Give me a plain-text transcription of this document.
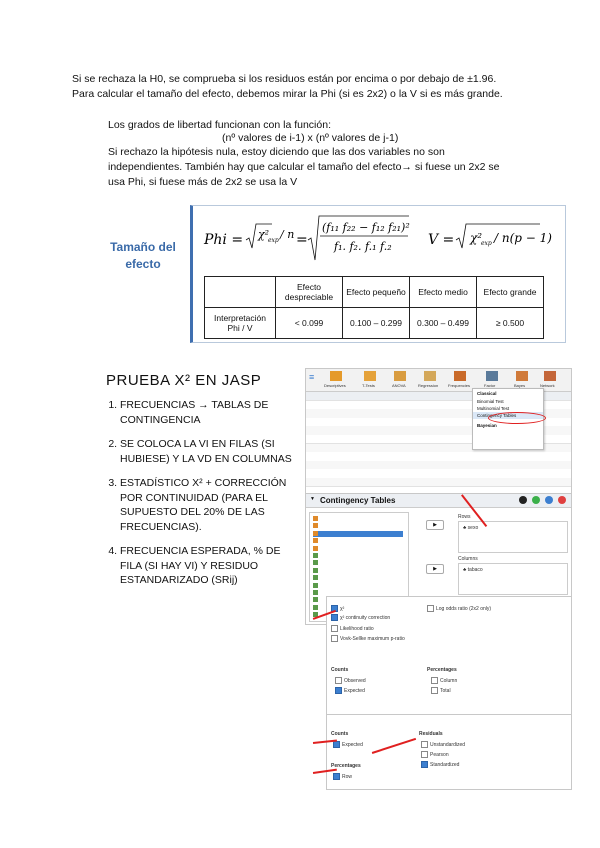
Si se rechaza la H0, se comprueba si los residuos están por encima o por debajo de ±1.96.
Para calcular el tamaño del efecto, debemos mirar la Phi (si es 2x2) o la V si es más grande.
Los grados de libertad funcionan con la función:
(nº valores de i-1) x (nº valores de j-1)
Si rechazo la hipótesis nula, estoy diciendo que las dos variables no son
independientes. También hay que calcular el tamaño del efecto→ si fuese un 2x2 se
usa Phi, si fuese más de 2x2 se usa la V
Tamaño del
efecto
Phi = χ²
exp / n =
(f₁₁ f₂₂ − f₁₂ f₂₁)²
f₁. f₂. f.₁ f.₂	V = χ²
exp / n(p − 1)
	Efecto despreciable	Efecto pequeño	Efecto medio	Efecto grande
Interpretación Phi / V	< 0.099	0.100 – 0.299	0.300 – 0.499	≥ 0.500
PRUEBA X² EN JASP
1. FRECUENCIAS → TABLAS DE CONTINGENCIA
2. SE COLOCA LA VI EN FILAS (SI HUBIESE) Y LA VD EN COLUMNAS
3. ESTADÍSTICO X² + CORRECCIÓN POR CONTINUIDAD (PARA EL SUPUESTO DEL 20% DE LAS FRECUENCIAS).
4. FRECUENCIA ESPERADA, % DE FILA (SI HAY VI) Y RESIDUO ESTANDARIZADO (SRij)
≡
Descriptives	T-Tests	ANOVA	Regression Frequencies	Factor	Bayes	Network
Classical
Binomial Test
Multinomial Test
Contingency Tables
Bayesian
▼ Contingency Tables
▶
▶
Rows
♣ sexo
Columns
♣ tabaco
χ²
χ² continuity correction
Likelihood ratio
Vovk-Sellke maximum p-ratio
Log odds ratio (2x2 only)
Counts
Observed
Expected
Percentages
Column
Total
Counts
Expected
Percentages
Row
Residuals
Unstandardized
Pearson
Standardized
